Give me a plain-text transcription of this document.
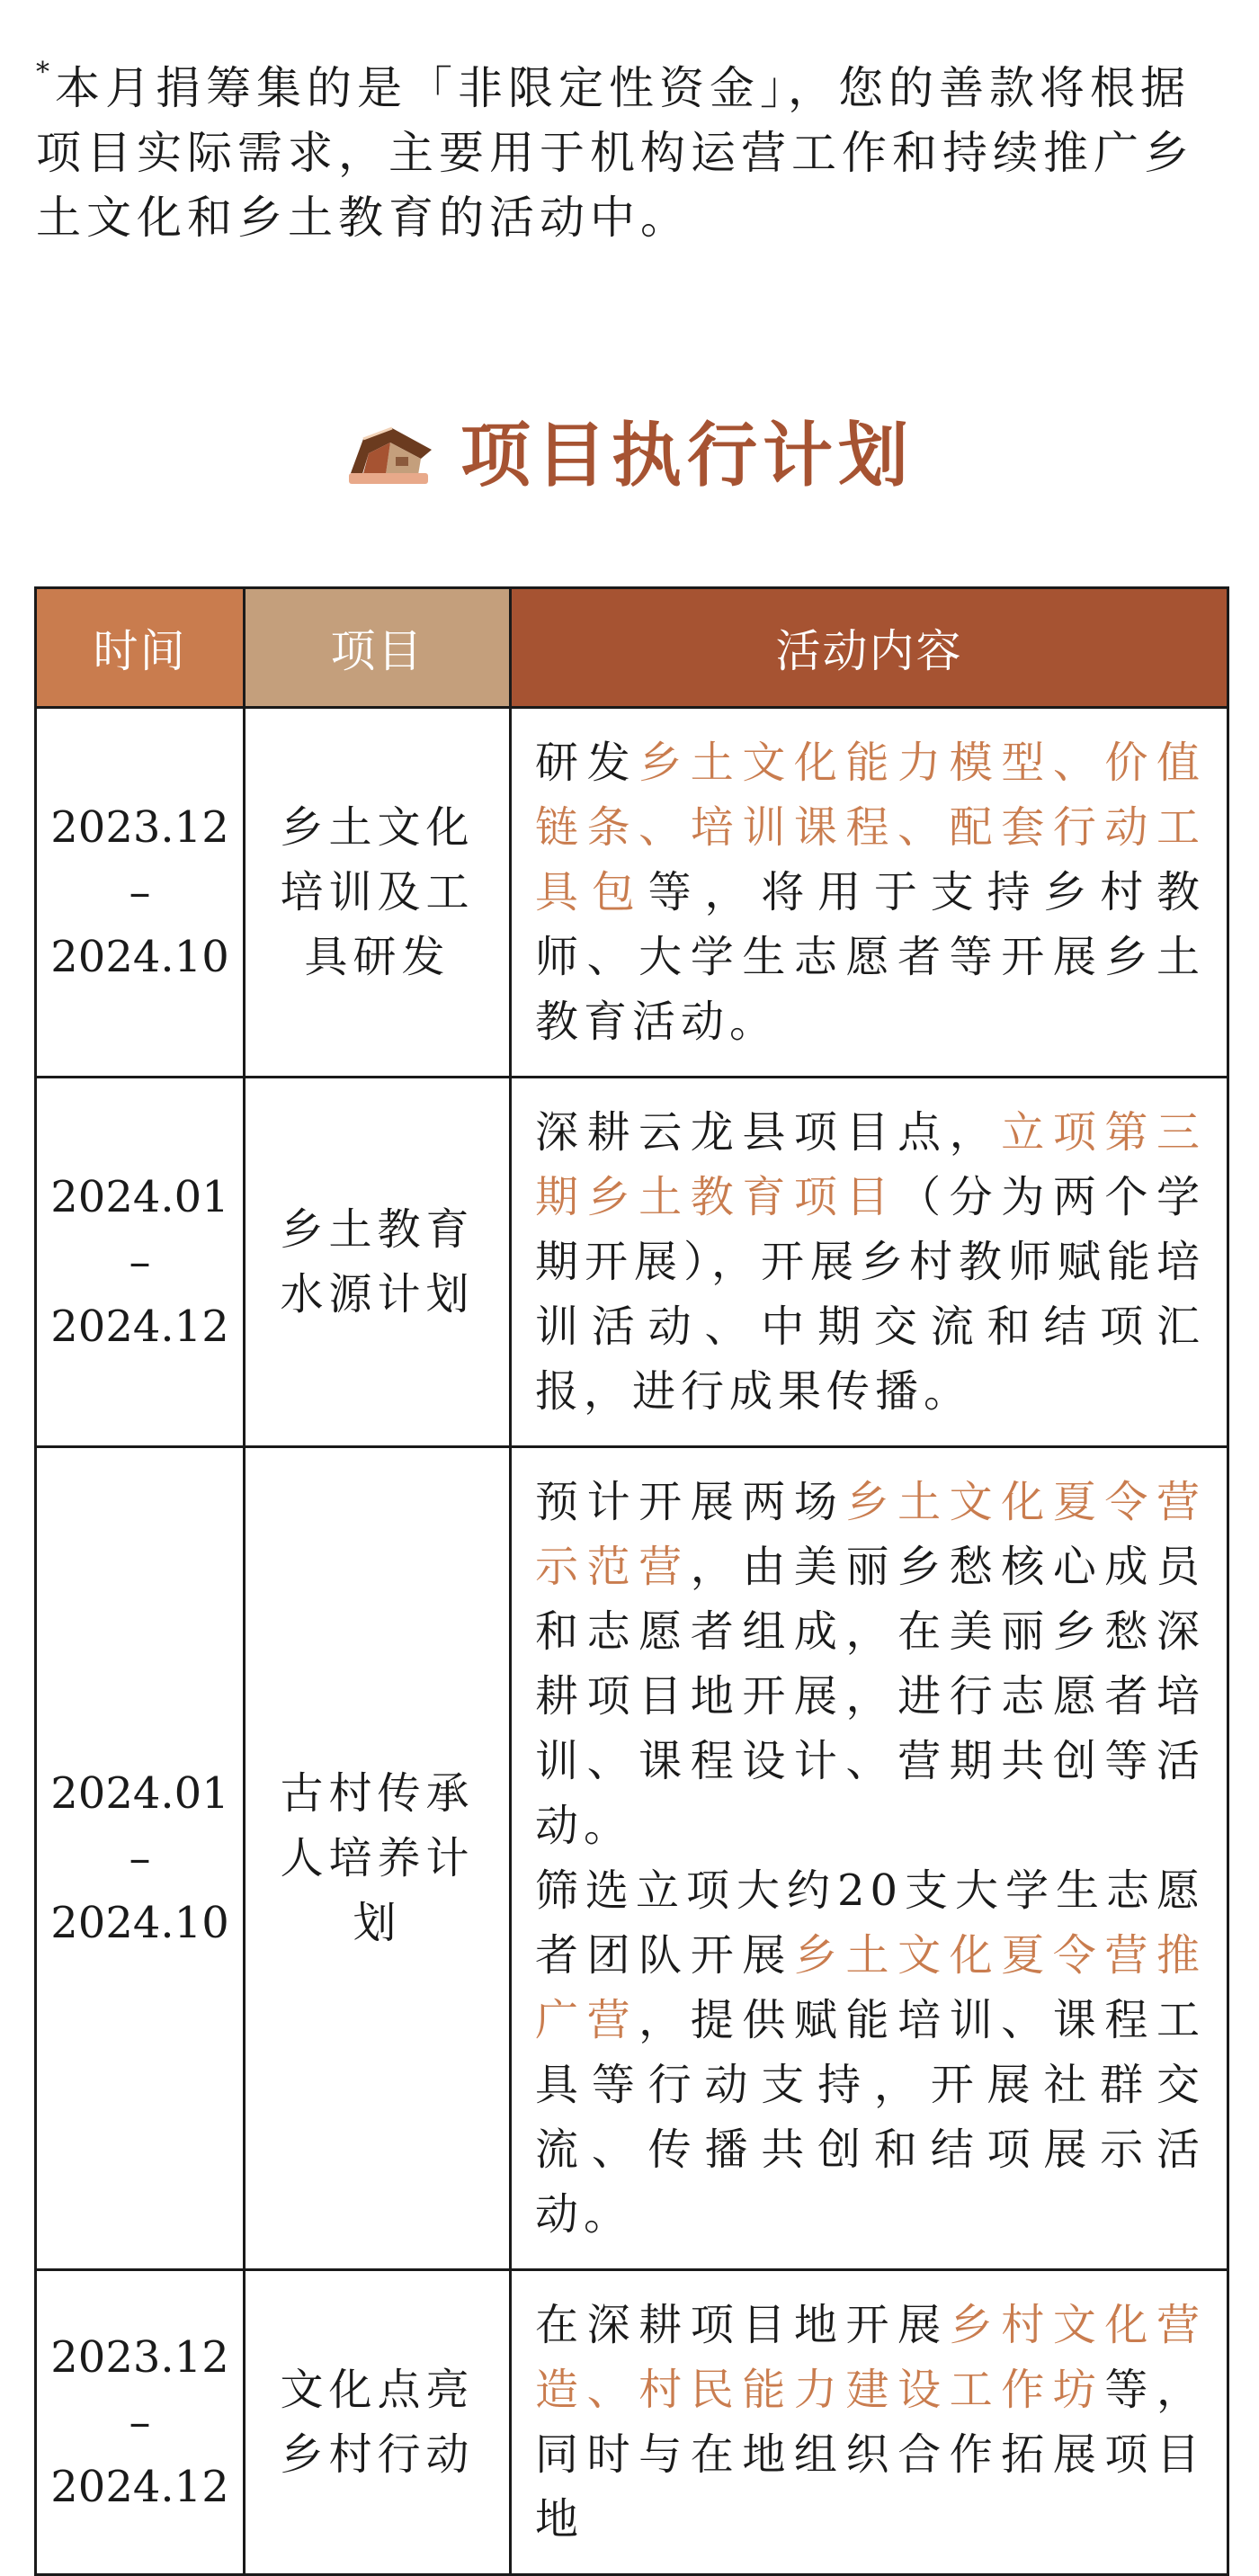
*本月捐筹集的是「非限定性资金」，您的善款将根据项目实际需求，主要用于机构运营工作和持续推广乡土文化和乡土教育的活动中。

项目执行计划
时间	项目	活动内容

2023.12
–
2024.10	乡土文化培训及工具研发	研发乡土文化能力模型、价值链条、培训课程、配套行动工具包等，将用于支持乡村教师、大学生志愿者等开展乡土教育活动。

2024.01
–
2024.12	乡土教育水源计划	深耕云龙县项目点，立项第三期乡土教育项目（分为两个学期开展），开展乡村教师赋能培训活动、中期交流和结项汇报，进行成果传播。

2024.01
–
2024.10	古村传承人培养计划	预计开展两场乡土文化夏令营示范营，由美丽乡愁核心成员和志愿者组成，在美丽乡愁深耕项目地开展，进行志愿者培训、课程设计、营期共创等活动。
筛选立项大约20支大学生志愿者团队开展乡土文化夏令营推广营，提供赋能培训、课程工具等行动支持，开展社群交流、传播共创和结项展示活动。

2023.12
–
2024.12	文化点亮乡村行动	在深耕项目地开展乡村文化营造、村民能力建设工作坊等，同时与在地组织合作拓展项目地
